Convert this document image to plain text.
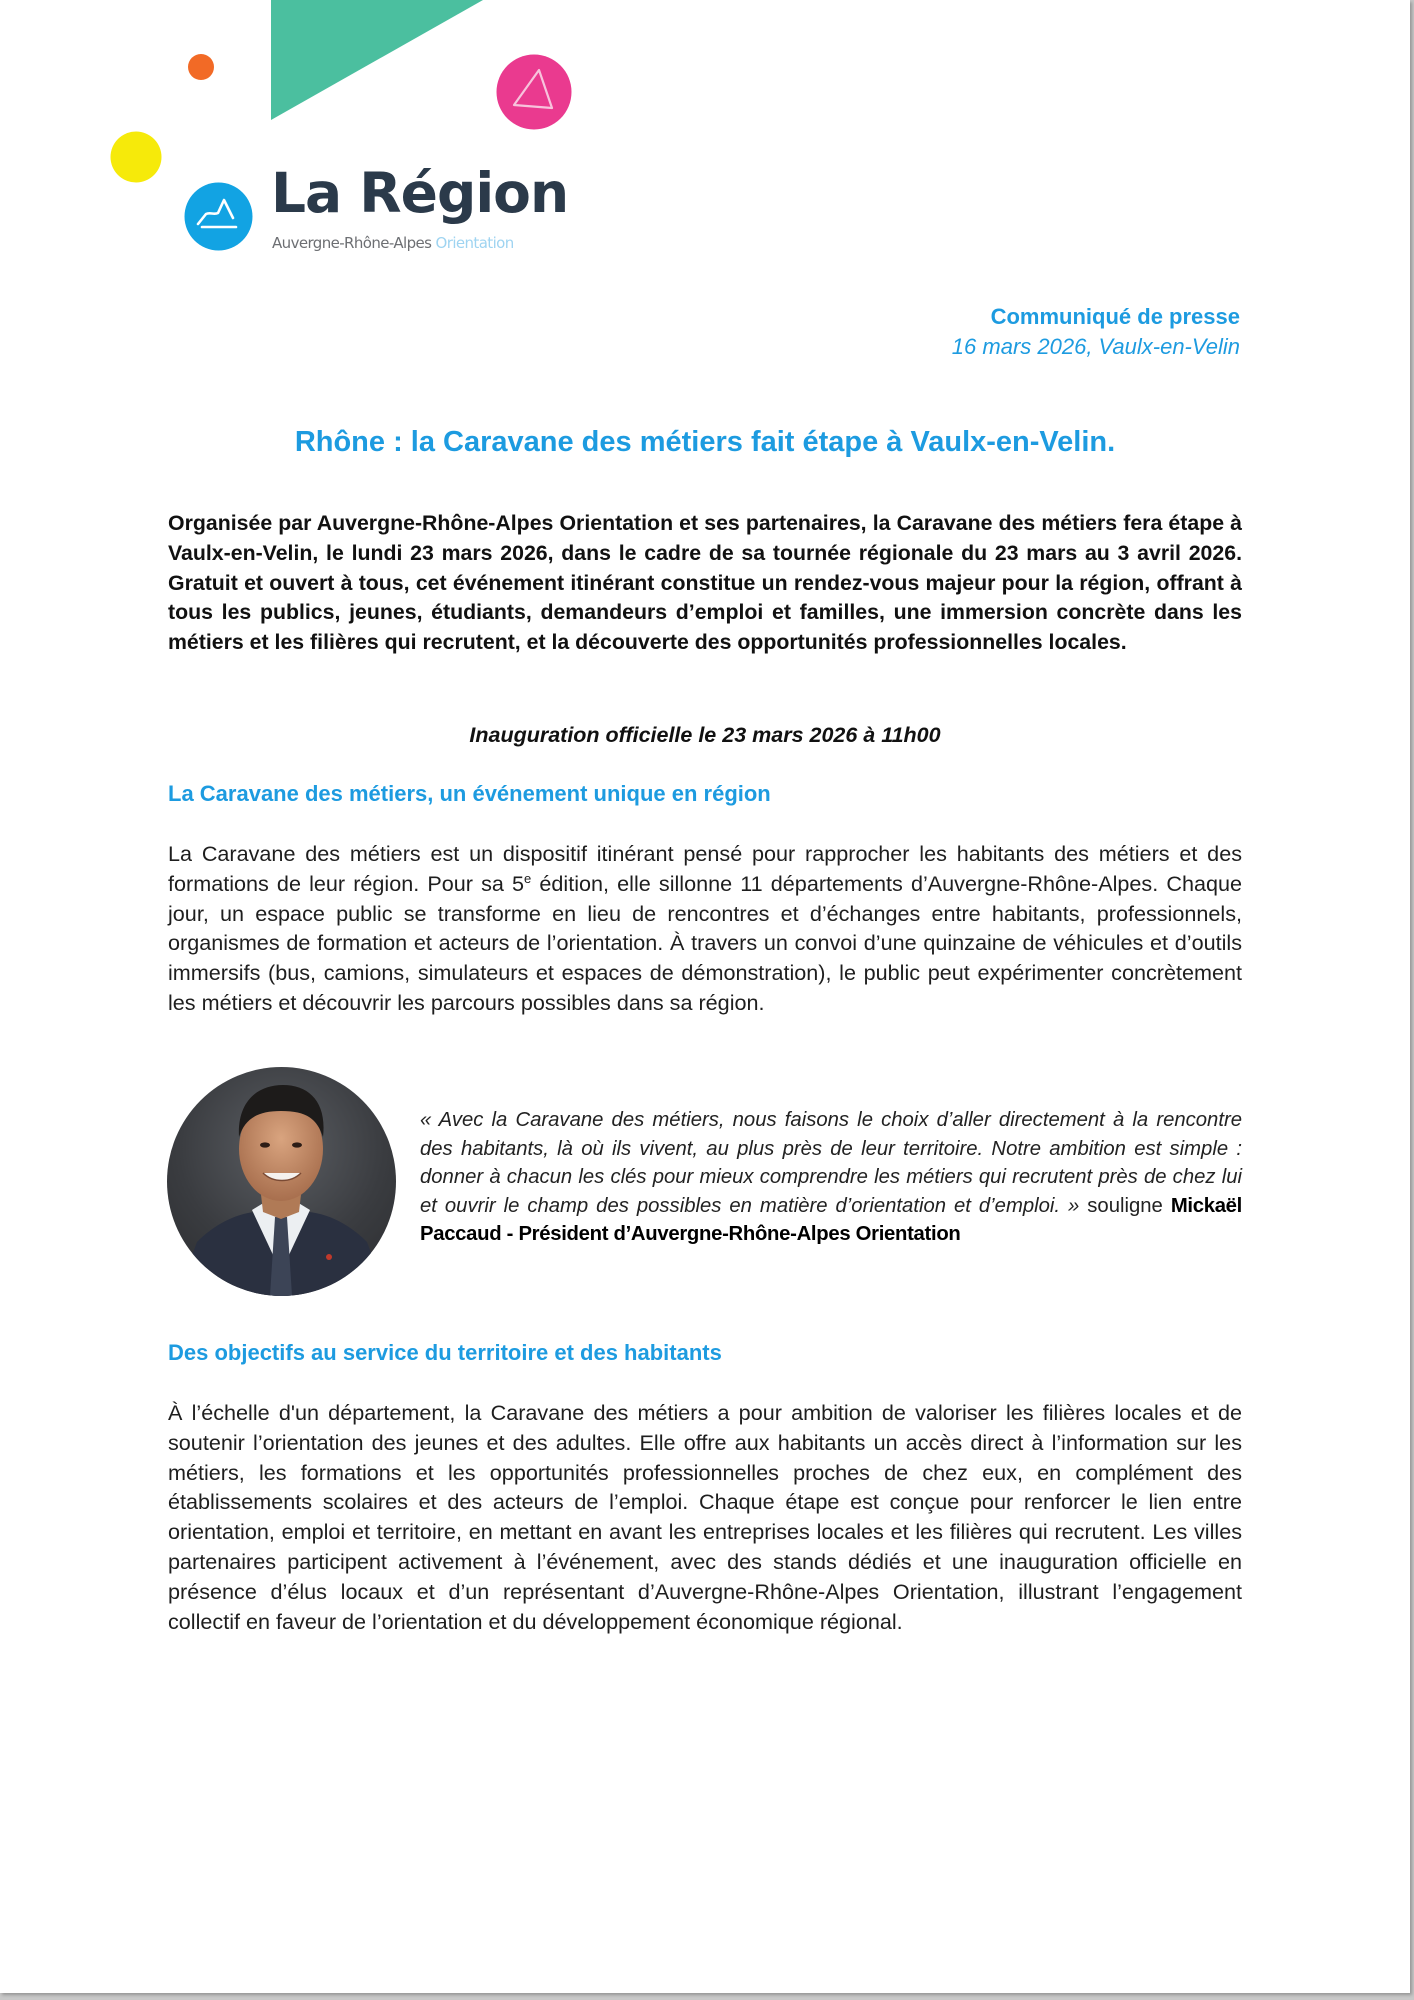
La Région
Auvergne-Rhône-Alpes Orientation
Communiqué de presse
16 mars 2026, Vaulx-en-Velin
Rhône : la Caravane des métiers fait étape à Vaulx-en-Velin.
Organisée par Auvergne-Rhône-Alpes Orientation et ses partenaires, la Caravane des métiers fera étape à Vaulx-en-Velin, le lundi 23 mars 2026, dans le cadre de sa tournée régionale du 23 mars au 3 avril 2026. Gratuit et ouvert à tous, cet événement itinérant constitue un rendez-vous majeur pour la région, offrant à tous les publics, jeunes, étudiants, demandeurs d’emploi et familles, une immersion concrète dans les métiers et les filières qui recrutent, et la découverte des opportunités professionnelles locales.
Inauguration officielle le 23 mars 2026 à 11h00
La Caravane des métiers, un événement unique en région
La Caravane des métiers est un dispositif itinérant pensé pour rapprocher les habitants des métiers et des formations de leur région. Pour sa 5e édition, elle sillonne 11 départements d’Auvergne-Rhône-Alpes. Chaque jour, un espace public se transforme en lieu de rencontres et d’échanges entre habitants, professionnels, organismes de formation et acteurs de l’orientation. À travers un convoi d’une quinzaine de véhicules et d’outils immersifs (bus, camions, simulateurs et espaces de démonstration), le public peut expérimenter concrètement les métiers et découvrir les parcours possibles dans sa région.
« Avec la Caravane des métiers, nous faisons le choix d’aller directement à la rencontre des habitants, là où ils vivent, au plus près de leur territoire. Notre ambition est simple : donner à chacun les clés pour mieux comprendre les métiers qui recrutent près de chez lui et ouvrir le champ des possibles en matière d’orientation et d’emploi. » souligne Mickaël Paccaud - Président d’Auvergne-Rhône-Alpes Orientation
Des objectifs au service du territoire et des habitants
À l’échelle d'un département, la Caravane des métiers a pour ambition de valoriser les filières locales et de soutenir l’orientation des jeunes et des adultes. Elle offre aux habitants un accès direct à l’information sur les métiers, les formations et les opportunités professionnelles proches de chez eux, en complément des établissements scolaires et des acteurs de l’emploi. Chaque étape est conçue pour renforcer le lien entre orientation, emploi et territoire, en mettant en avant les entreprises locales et les filières qui recrutent. Les villes partenaires participent activement à l’événement, avec des stands dédiés et une inauguration officielle en présence d’élus locaux et d’un représentant d’Auvergne-Rhône-Alpes Orientation, illustrant l’engagement collectif en faveur de l’orientation et du développement économique régional.
